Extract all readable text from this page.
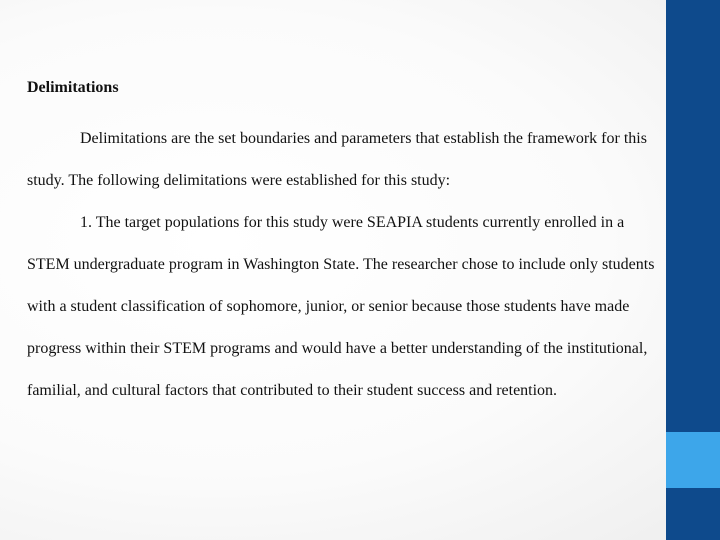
Delimitations

Delimitations are the set boundaries and parameters that establish the framework for this study. The following delimitations were established for this study:

1. The target populations for this study were SEAPIA students currently enrolled in a STEM undergraduate program in Washington State. The researcher chose to include only students with a student classification of sophomore, junior, or senior because those students have made progress within their STEM programs and would have a better understanding of the institutional, familial, and cultural factors that contributed to their student success and retention.
